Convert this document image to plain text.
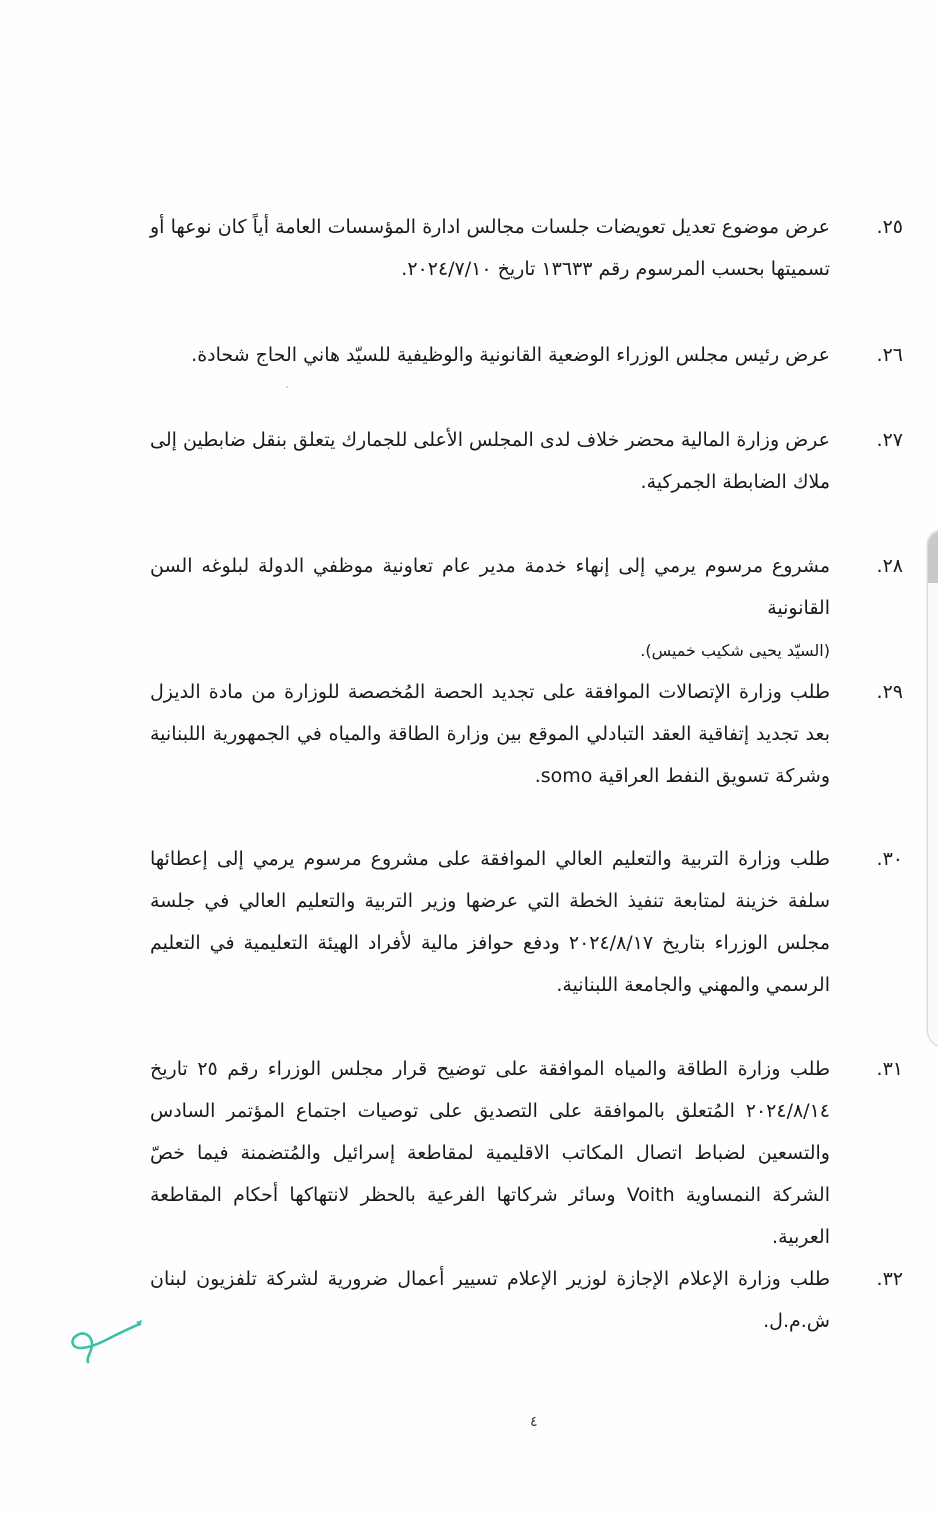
٢٥.
عرض موضوع تعديل تعويضات جلسات مجالس ادارة المؤسسات العامة أياً كان نوعها أو تسميتها بحسب المرسوم رقم ١٣٦٣٣ تاريخ ٢٠٢٤/٧/١٠.
٢٦.
عرض رئيس مجلس الوزراء الوضعية القانونية والوظيفية للسيّد هاني الحاج شحادة.
٢٧.
عرض وزارة المالية محضر خلاف لدى المجلس الأعلى للجمارك يتعلق بنقل ضابطين إلى ملاك الضابطة الجمركية.
٢٨.
مشروع مرسوم يرمي إلى إنهاء خدمة مدير عام تعاونية موظفي الدولة لبلوغه السن القانونية
(السيّد يحيى شكيب خميس).
٢٩.
طلب وزارة الإتصالات الموافقة على تجديد الحصة المُخصصة للوزارة من مادة الديزل بعد تجديد إتفاقية العقد التبادلي الموقع بين وزارة الطاقة والمياه في الجمهورية اللبنانية وشركة تسويق النفط العراقية somo.
٣٠.
طلب وزارة التربية والتعليم العالي الموافقة على مشروع مرسوم يرمي إلى إعطائها سلفة خزينة لمتابعة تنفيذ الخطة التي عرضها وزير التربية والتعليم العالي في جلسة مجلس الوزراء بتاريخ ٢٠٢٤/٨/١٧ ودفع حوافز مالية لأفراد الهيئة التعليمية في التعليم الرسمي والمهني والجامعة اللبنانية.
٣١.
طلب وزارة الطاقة والمياه الموافقة على توضيح قرار مجلس الوزراء رقم ٢٥ تاريخ ٢٠٢٤/٨/١٤ المُتعلق بالموافقة على التصديق على توصيات اجتماع المؤتمر السادس والتسعين لضباط اتصال المكاتب الاقليمية لمقاطعة إسرائيل والمُتضمنة فيما خصّ الشركة النمساوية Voith وسائر شركاتها الفرعية بالحظر لانتهاكها أحكام المقاطعة العربية.
٣٢.
طلب وزارة الإعلام الإجازة لوزير الإعلام تسيير أعمال ضرورية لشركة تلفزيون لبنان ش.م.ل.
٤
